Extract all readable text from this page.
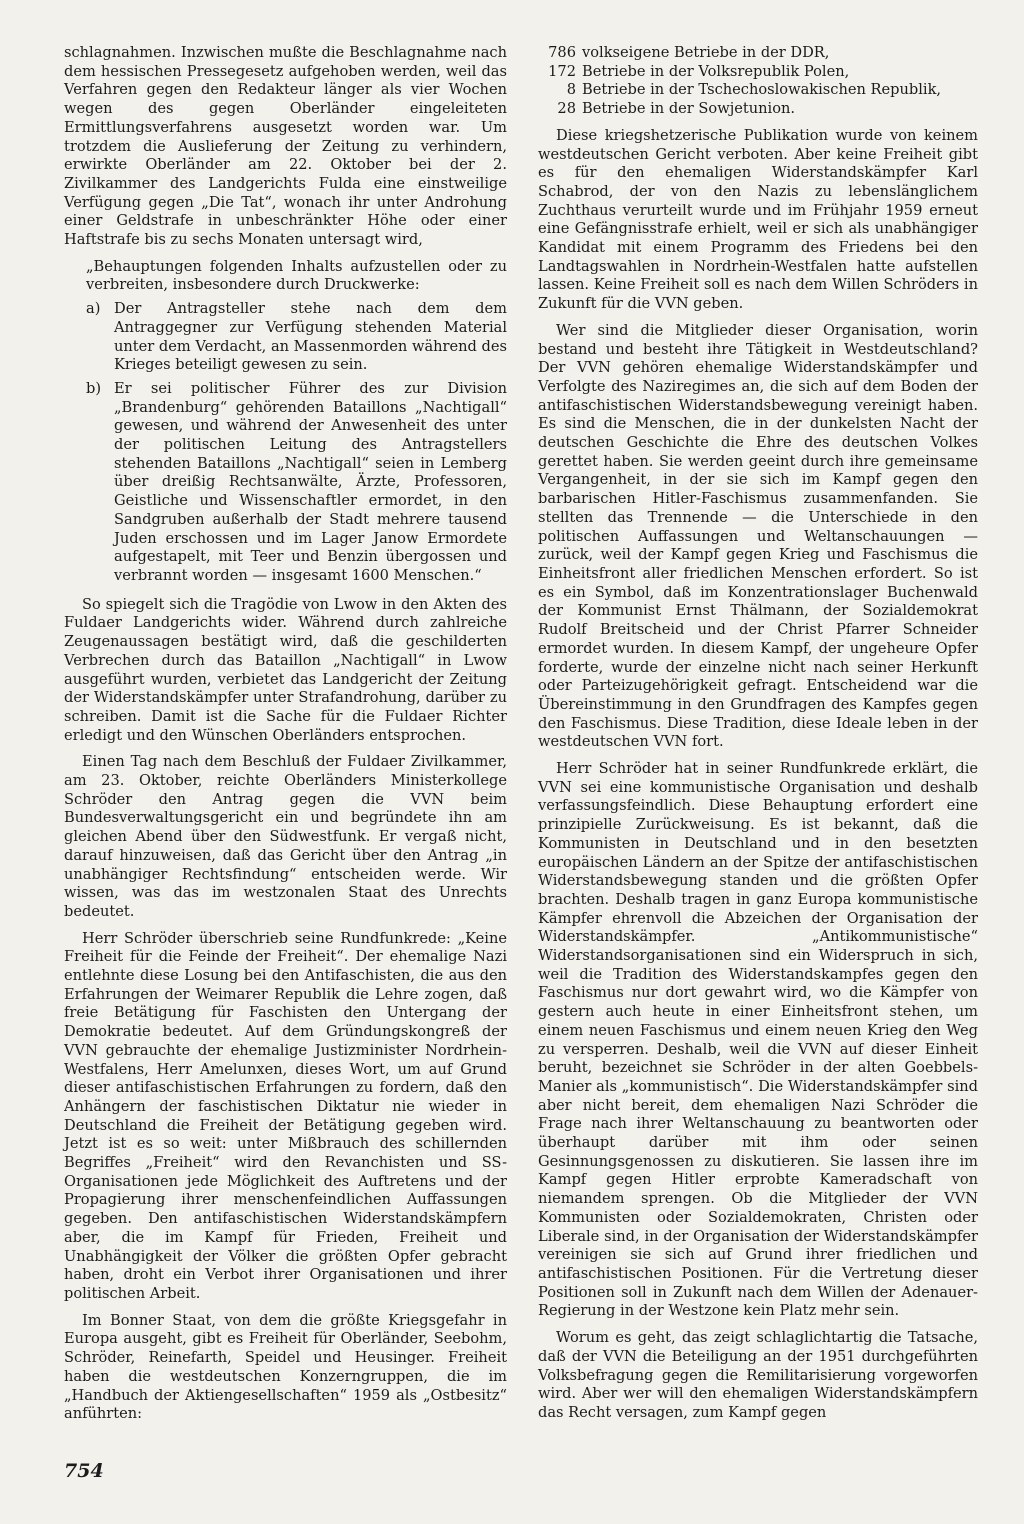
schlagnahmen. Inzwischen mußte die Beschlagnahme nach dem hessischen Pressegesetz aufgehoben werden, weil das Verfahren gegen den Redakteur länger als vier Wochen wegen des gegen Oberländer eingeleiteten Ermittlungsverfahrens ausgesetzt worden war. Um trotzdem die Auslieferung der Zeitung zu verhindern, erwirkte Oberländer am 22. Oktober bei der 2. Zivilkammer des Landgerichts Fulda eine einstweilige Verfügung gegen „Die Tat“, wonach ihr unter Androhung einer Geldstrafe in unbeschränkter Höhe oder einer Haftstrafe bis zu sechs Monaten untersagt wird,

„Behauptungen folgenden Inhalts aufzustellen oder zu verbreiten, insbesondere durch Druckwerke:

a) Der Antragsteller stehe nach dem dem Antraggegner zur Verfügung stehenden Material unter dem Verdacht, an Massenmorden während des Krieges beteiligt gewesen zu sein.
b) Er sei politischer Führer des zur Division „Brandenburg“ gehörenden Bataillons „Nachtigall“ gewesen, und während der Anwesenheit des unter der politischen Leitung des Antragstellers stehenden Bataillons „Nachtigall“ seien in Lemberg über dreißig Rechtsanwälte, Ärzte, Professoren, Geistliche und Wissenschaftler ermordet, in den Sandgruben außerhalb der Stadt mehrere tausend Juden erschossen und im Lager Janow Ermordete aufgestapelt, mit Teer und Benzin übergossen und verbrannt worden — insgesamt 1600 Menschen.“

So spiegelt sich die Tragödie von Lwow in den Akten des Fuldaer Landgerichts wider. Während durch zahlreiche Zeugenaussagen bestätigt wird, daß die geschilderten Verbrechen durch das Bataillon „Nachtigall“ in Lwow ausgeführt wurden, verbietet das Landgericht der Zeitung der Widerstandskämpfer unter Strafandrohung, darüber zu schreiben. Damit ist die Sache für die Fuldaer Richter erledigt und den Wünschen Oberländers entsprochen.

Einen Tag nach dem Beschluß der Fuldaer Zivilkammer, am 23. Oktober, reichte Oberländers Ministerkollege Schröder den Antrag gegen die VVN beim Bundesverwaltungsgericht ein und begründete ihn am gleichen Abend über den Südwestfunk. Er vergaß nicht, darauf hinzuweisen, daß das Gericht über den Antrag „in unabhängiger Rechtsfindung“ entscheiden werde. Wir wissen, was das im westzonalen Staat des Unrechts bedeutet.

Herr Schröder überschrieb seine Rundfunkrede: „Keine Freiheit für die Feinde der Freiheit“. Der ehemalige Nazi entlehnte diese Losung bei den Antifaschisten, die aus den Erfahrungen der Weimarer Republik die Lehre zogen, daß freie Betätigung für Faschisten den Untergang der Demokratie bedeutet. Auf dem Gründungskongreß der VVN gebrauchte der ehemalige Justizminister Nordrhein-Westfalens, Herr Amelunxen, dieses Wort, um auf Grund dieser antifaschistischen Erfahrungen zu fordern, daß den Anhängern der faschistischen Diktatur nie wieder in Deutschland die Freiheit der Betätigung gegeben wird. Jetzt ist es so weit: unter Mißbrauch des schillernden Begriffes „Freiheit“ wird den Revanchisten und SS-Organisationen jede Möglichkeit des Auftretens und der Propagierung ihrer menschenfeindlichen Auffassungen gegeben. Den antifaschistischen Widerstandskämpfern aber, die im Kampf für Frieden, Freiheit und Unabhängigkeit der Völker die größten Opfer gebracht haben, droht ein Verbot ihrer Organisationen und ihrer politischen Arbeit.

Im Bonner Staat, von dem die größte Kriegsgefahr in Europa ausgeht, gibt es Freiheit für Oberländer, Seebohm, Schröder, Reinefarth, Speidel und Heusinger. Freiheit haben die westdeutschen Konzerngruppen, die im „Handbuch der Aktiengesellschaften“ 1959 als „Ostbesitz“ anführten:

786 volkseigene Betriebe in der DDR,
172 Betriebe in der Volksrepublik Polen,
8 Betriebe in der Tschechoslowakischen Republik,
28 Betriebe in der Sowjetunion.

Diese kriegshetzerische Publikation wurde von keinem westdeutschen Gericht verboten. Aber keine Freiheit gibt es für den ehemaligen Widerstandskämpfer Karl Schabrod, der von den Nazis zu lebenslänglichem Zuchthaus verurteilt wurde und im Frühjahr 1959 erneut eine Gefängnisstrafe erhielt, weil er sich als unabhängiger Kandidat mit einem Programm des Friedens bei den Landtagswahlen in Nordrhein-Westfalen hatte aufstellen lassen. Keine Freiheit soll es nach dem Willen Schröders in Zukunft für die VVN geben.

Wer sind die Mitglieder dieser Organisation, worin bestand und besteht ihre Tätigkeit in Westdeutschland? Der VVN gehören ehemalige Widerstandskämpfer und Verfolgte des Naziregimes an, die sich auf dem Boden der antifaschistischen Widerstandsbewegung vereinigt haben. Es sind die Menschen, die in der dunkelsten Nacht der deutschen Geschichte die Ehre des deutschen Volkes gerettet haben. Sie werden geeint durch ihre gemeinsame Vergangenheit, in der sie sich im Kampf gegen den barbarischen Hitler-Faschismus zusammenfanden. Sie stellten das Trennende — die Unterschiede in den politischen Auffassungen und Weltanschauungen — zurück, weil der Kampf gegen Krieg und Faschismus die Einheitsfront aller friedlichen Menschen erfordert. So ist es ein Symbol, daß im Konzentrationslager Buchenwald der Kommunist Ernst Thälmann, der Sozialdemokrat Rudolf Breitscheid und der Christ Pfarrer Schneider ermordet wurden. In diesem Kampf, der ungeheure Opfer forderte, wurde der einzelne nicht nach seiner Herkunft oder Parteizugehörigkeit gefragt. Entscheidend war die Übereinstimmung in den Grundfragen des Kampfes gegen den Faschismus. Diese Tradition, diese Ideale leben in der westdeutschen VVN fort.

Herr Schröder hat in seiner Rundfunkrede erklärt, die VVN sei eine kommunistische Organisation und deshalb verfassungsfeindlich. Diese Behauptung erfordert eine prinzipielle Zurückweisung. Es ist bekannt, daß die Kommunisten in Deutschland und in den besetzten europäischen Ländern an der Spitze der antifaschistischen Widerstandsbewegung standen und die größten Opfer brachten. Deshalb tragen in ganz Europa kommunistische Kämpfer ehrenvoll die Abzeichen der Organisation der Widerstandskämpfer. „Antikommunistische“ Widerstandsorganisationen sind ein Widerspruch in sich, weil die Tradition des Widerstandskampfes gegen den Faschismus nur dort gewahrt wird, wo die Kämpfer von gestern auch heute in einer Einheitsfront stehen, um einem neuen Faschismus und einem neuen Krieg den Weg zu versperren. Deshalb, weil die VVN auf dieser Einheit beruht, bezeichnet sie Schröder in der alten Goebbels-Manier als „kommunistisch“. Die Widerstandskämpfer sind aber nicht bereit, dem ehemaligen Nazi Schröder die Frage nach ihrer Weltanschauung zu beantworten oder überhaupt darüber mit ihm oder seinen Gesinnungsgenossen zu diskutieren. Sie lassen ihre im Kampf gegen Hitler erprobte Kameradschaft von niemandem sprengen. Ob die Mitglieder der VVN Kommunisten oder Sozialdemokraten, Christen oder Liberale sind, in der Organisation der Widerstandskämpfer vereinigen sie sich auf Grund ihrer friedlichen und antifaschistischen Positionen. Für die Vertretung dieser Positionen soll in Zukunft nach dem Willen der Adenauer-Regierung in der Westzone kein Platz mehr sein.

Worum es geht, das zeigt schlaglichtartig die Tatsache, daß der VVN die Beteiligung an der 1951 durchgeführten Volksbefragung gegen die Remilitarisierung vorgeworfen wird. Aber wer will den ehemaligen Widerstandskämpfern das Recht versagen, zum Kampf gegen

754
